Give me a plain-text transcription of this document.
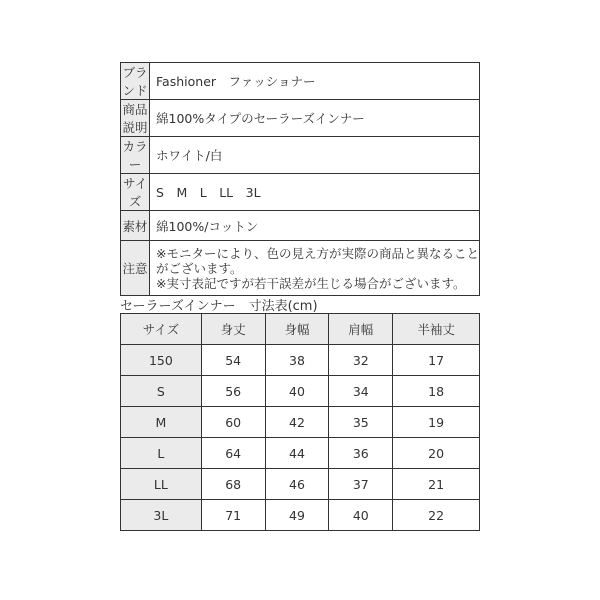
ブランド	Fashioner　ファッショナー
商品説明	綿100%タイプのセーラーズインナー
カラー	ホワイト/白
サイズ	S　M　L　LL　3L
素材	綿100%/コットン
注意	※モニターにより、色の見え方が実際の商品と異なること
がございます。
※実寸表記ですが若干誤差が生じる場合がございます。
セーラーズインナー　寸法表(cm)
サイズ	身丈	身幅	肩幅	半袖丈
150	54	38	32	17
S	56	40	34	18
M	60	42	35	19
L	64	44	36	20
LL	68	46	37	21
3L	71	49	40	22
